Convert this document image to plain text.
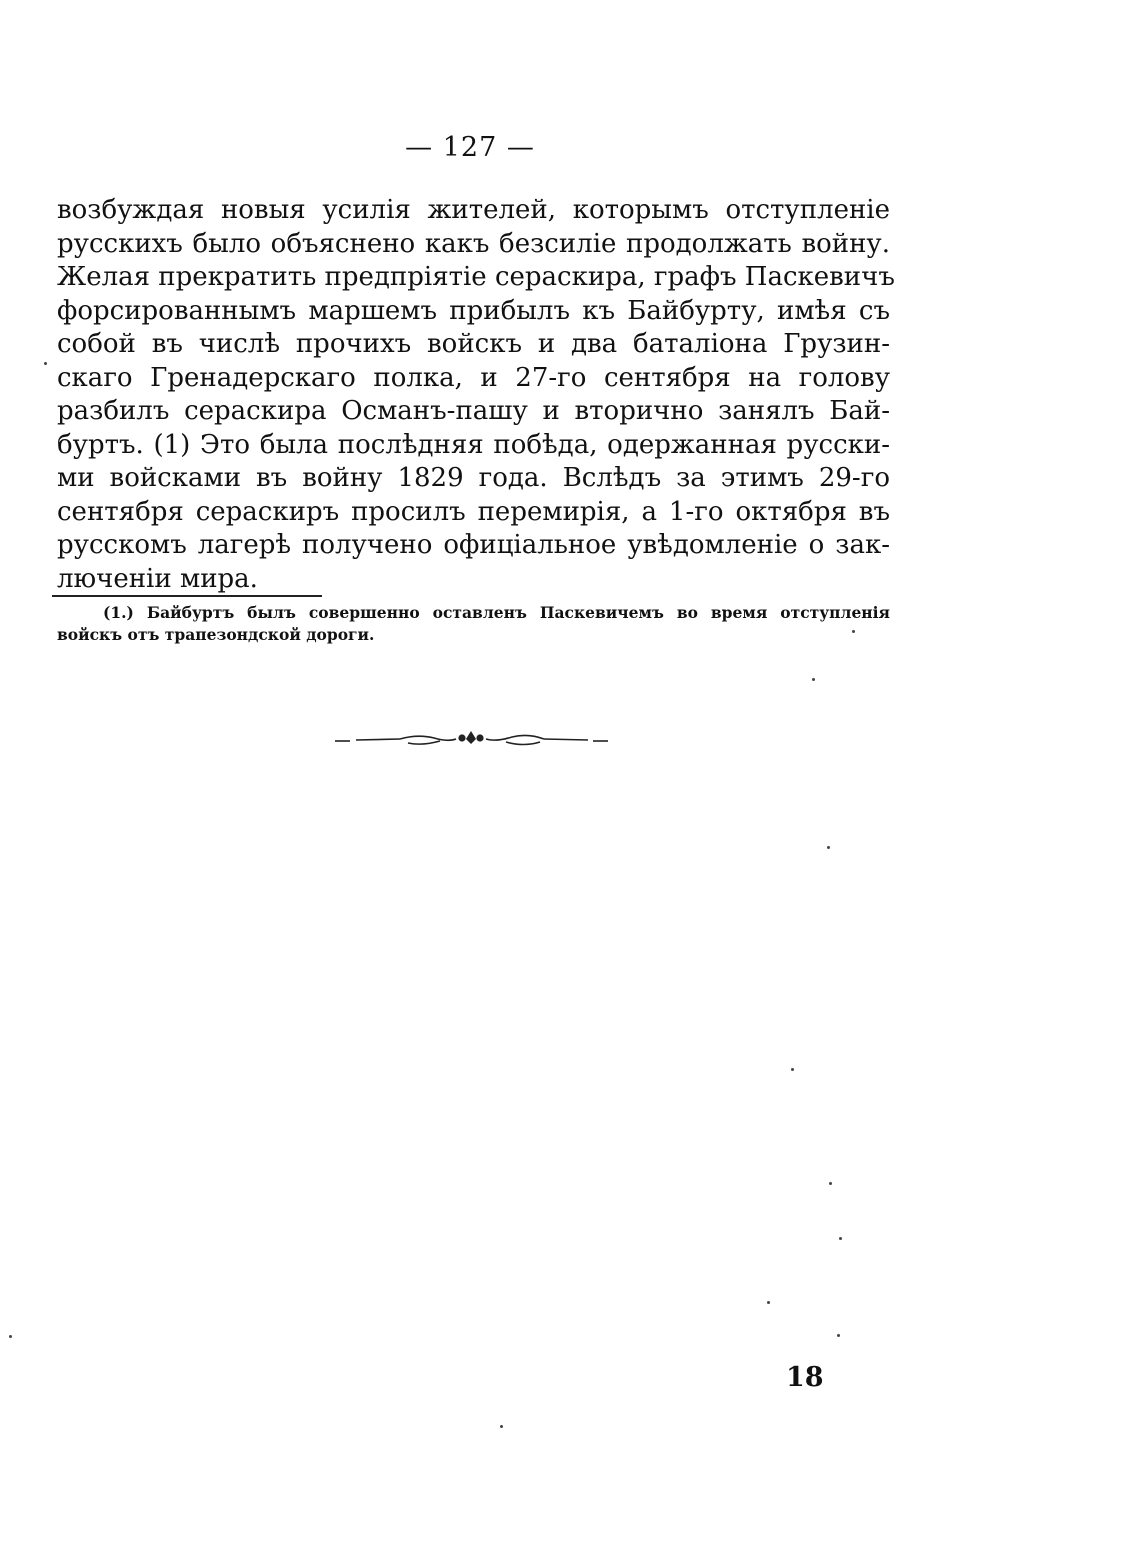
— 127 —
возбуждая новыя усилія жителей, которымъ отступленіе
русскихъ было объяснено какъ безсиліе продолжать войну.
Желая прекратить предпріятіе сераскира, графъ Паскевичъ
форсированнымъ маршемъ прибылъ къ Байбурту, имѣя съ
собой въ числѣ прочихъ войскъ и два баталіона Грузин-
скаго Гренадерскаго полка, и 27-го сентября на голову
разбилъ сераскира Османъ-пашу и вторично занялъ Бай-
буртъ. (1) Это была послѣдняя побѣда, одержанная русски-
ми войсками въ войну 1829 года. Вслѣдъ за этимъ 29-го
сентября сераскиръ просилъ перемирія, а 1-го октября въ
русскомъ лагерѣ получено офиціальное увѣдомленіе о зак-
люченіи мира.
(1.) Байбуртъ былъ совершенно оставленъ Паскевичемъ во время отступленія
войскъ отъ трапезондской дороги.
18
